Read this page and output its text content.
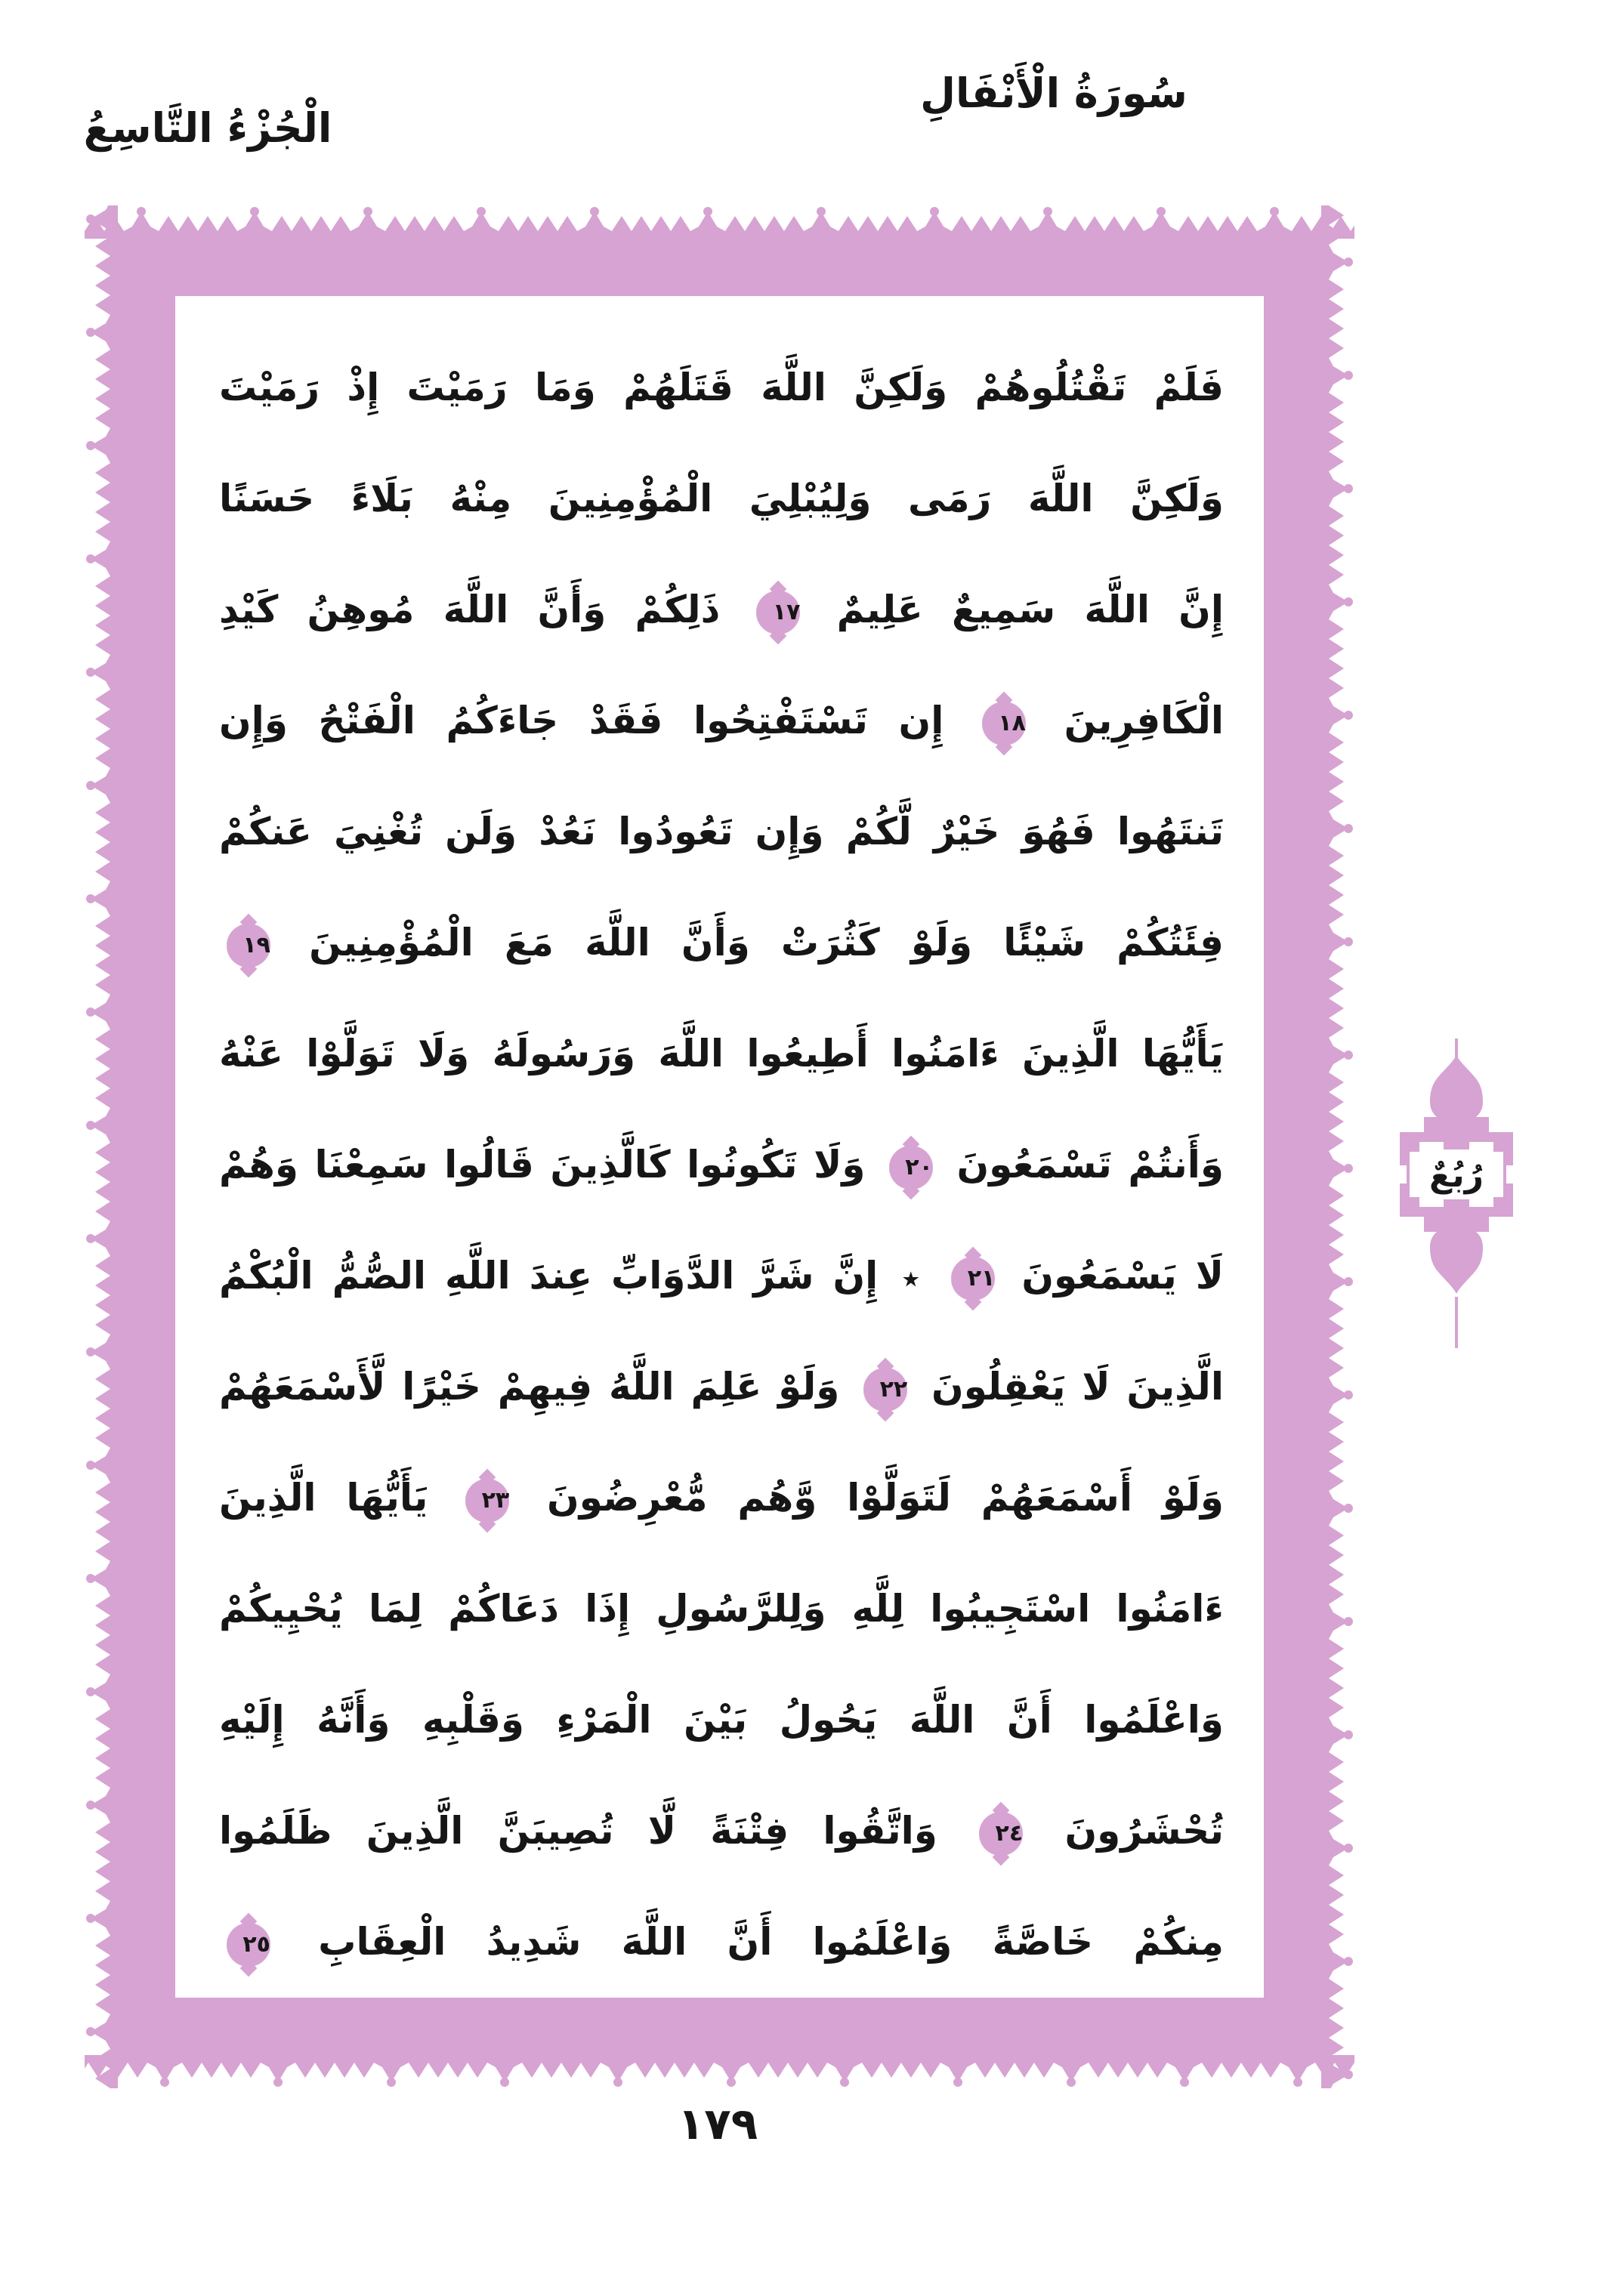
سُورَةُ الْأَنْفَالِ
الْجُزْءُ التَّاسِعُ
فَلَمْ تَقْتُلُوهُمْ وَلَكِنَّ اللَّهَ قَتَلَهُمْ وَمَا رَمَيْتَ إِذْ رَمَيْتَ
وَلَكِنَّ اللَّهَ رَمَى وَلِيُبْلِيَ الْمُؤْمِنِينَ مِنْهُ بَلَاءً حَسَنًا
إِنَّ اللَّهَ سَمِيعٌ عَلِيمٌ
١٧
ذَلِكُمْ وَأَنَّ اللَّهَ مُوهِنُ كَيْدِ
الْكَافِرِينَ
١٨
إِن تَسْتَفْتِحُوا فَقَدْ جَاءَكُمُ الْفَتْحُ وَإِن
تَنتَهُوا فَهُوَ خَيْرٌ لَّكُمْ وَإِن تَعُودُوا نَعُدْ وَلَن تُغْنِيَ عَنكُمْ
فِئَتُكُمْ شَيْئًا وَلَوْ كَثُرَتْ وَأَنَّ اللَّهَ مَعَ الْمُؤْمِنِينَ
١٩
يَأَيُّهَا الَّذِينَ ءَامَنُوا أَطِيعُوا اللَّهَ وَرَسُولَهُ وَلَا تَوَلَّوْا عَنْهُ
وَأَنتُمْ تَسْمَعُونَ
٢٠
وَلَا تَكُونُوا كَالَّذِينَ قَالُوا سَمِعْنَا وَهُمْ
لَا يَسْمَعُونَ
٢١
٭ إِنَّ شَرَّ الدَّوَابِّ عِندَ اللَّهِ الصُّمُّ الْبُكْمُ
الَّذِينَ لَا يَعْقِلُونَ
٢٢
وَلَوْ عَلِمَ اللَّهُ فِيهِمْ خَيْرًا لَّأَسْمَعَهُمْ
وَلَوْ أَسْمَعَهُمْ لَتَوَلَّوْا وَّهُم مُّعْرِضُونَ
٢٣
يَأَيُّهَا الَّذِينَ
ءَامَنُوا اسْتَجِيبُوا لِلَّهِ وَلِلرَّسُولِ إِذَا دَعَاكُمْ لِمَا يُحْيِيكُمْ
وَاعْلَمُوا أَنَّ اللَّهَ يَحُولُ بَيْنَ الْمَرْءِ وَقَلْبِهِ وَأَنَّهُ إِلَيْهِ
تُحْشَرُونَ
٢٤
وَاتَّقُوا فِتْنَةً لَّا تُصِيبَنَّ الَّذِينَ ظَلَمُوا
مِنكُمْ خَاصَّةً وَاعْلَمُوا أَنَّ اللَّهَ شَدِيدُ الْعِقَابِ
٢٥
رُبُعٌ
١٧٩
